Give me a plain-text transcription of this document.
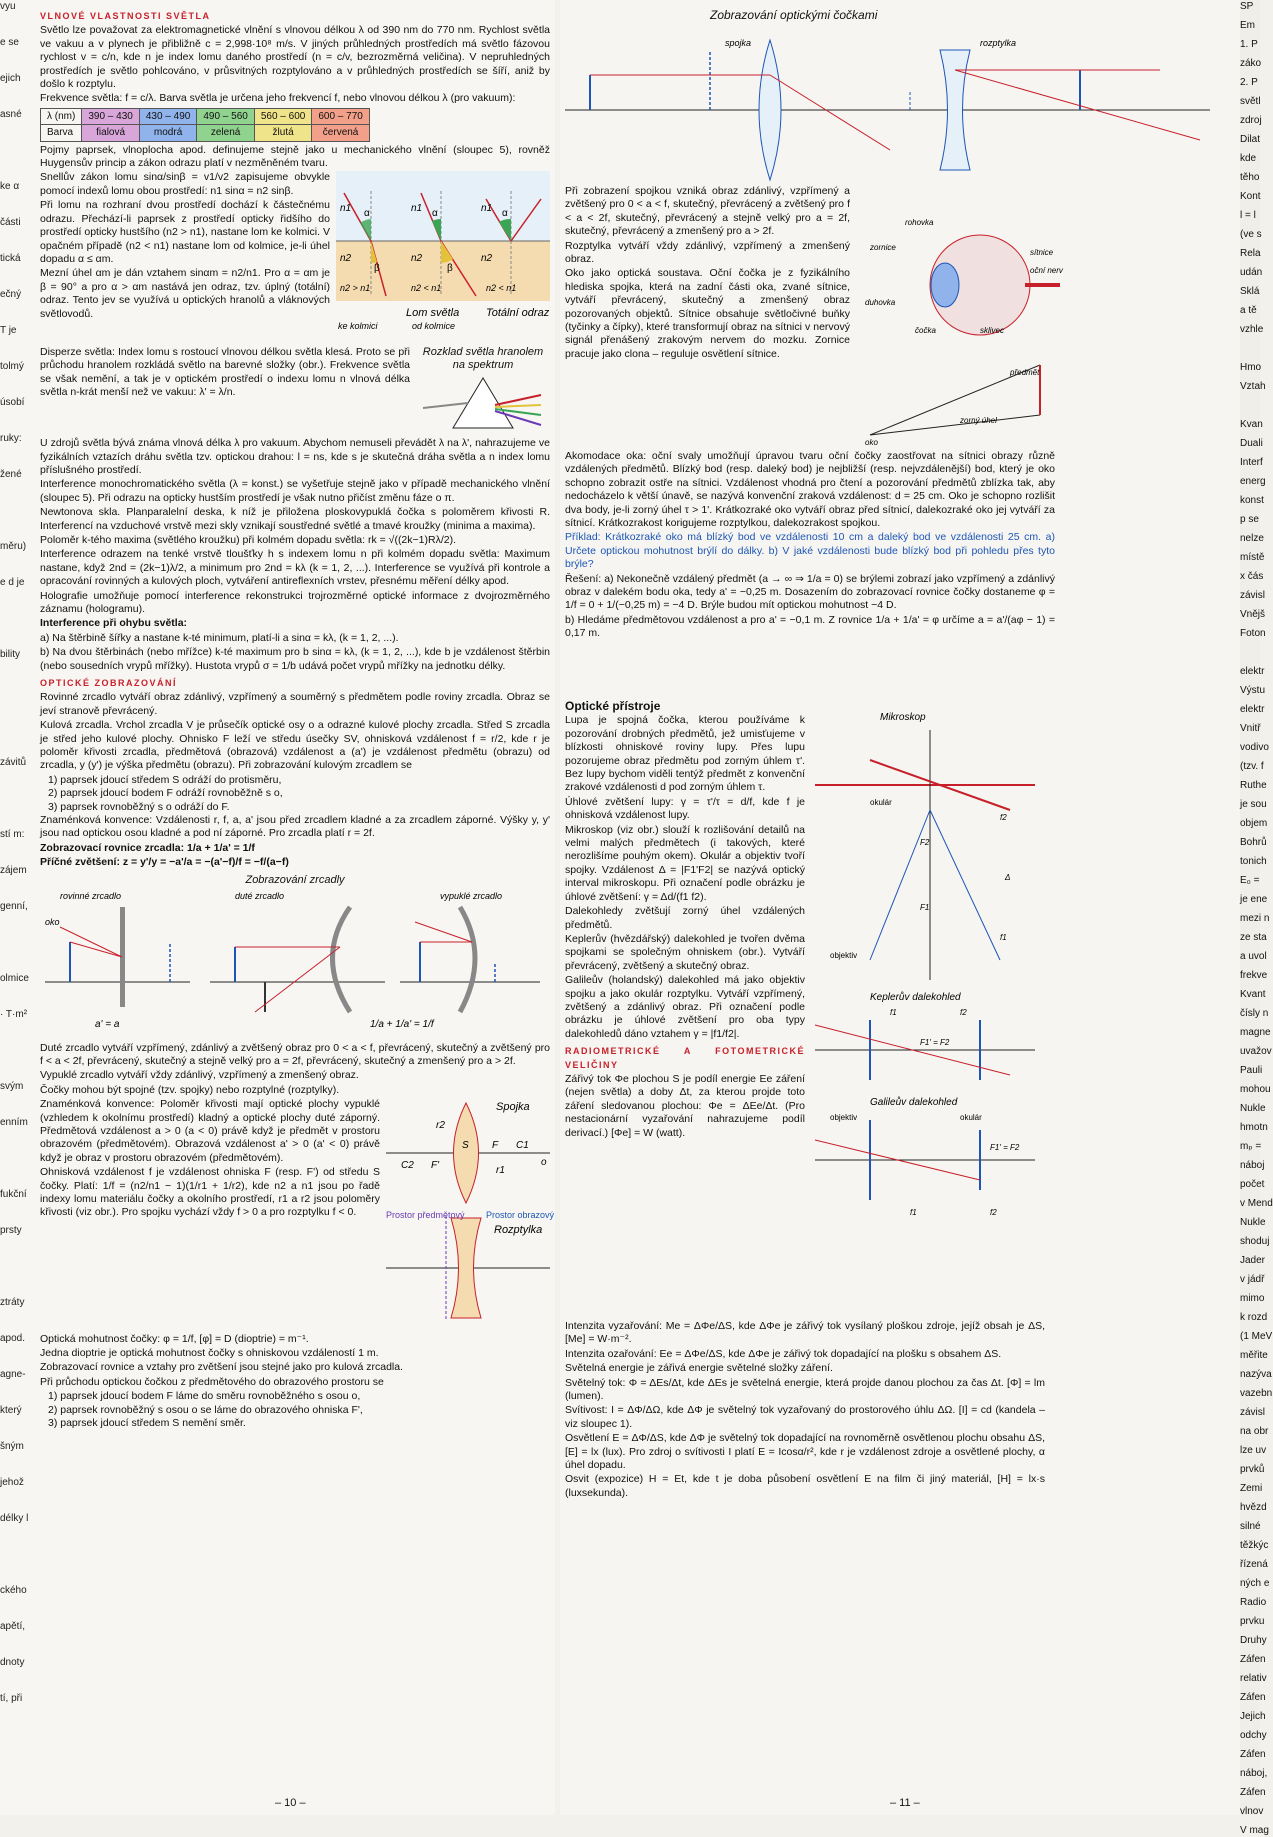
vyu
e se
ejich
asné
ke α
části
tická
ečný
T je
tolmý
úsobí
ruky:
žené
měru)
e d je
bility
závitů
stí m:
zájem
genní,
olmice
· T·m²
svým
enním
fukční
prsty
ztráty
apod.
agne-
který
šným
jehož
délky l
ckého
apětí,
dnoty
tí, při
VLNOVÉ VLASTNOSTI SVĚTLA
Světlo lze považovat za elektromagnetické vlnění s vlnovou délkou λ od 390 nm do 770 nm. Rychlost světla ve vakuu a v plynech je přibližně c = 2,998·10⁸ m/s. V jiných průhledných prostředích má světlo fázovou rychlost v = c/n, kde n je index lomu daného prostředí (n = c/v, bezrozměrná veličina). V nepruhledných prostředích je světlo pohlcováno, v průsvitných rozptylováno a v průhledných prostředích se šíří, aniž by došlo k rozptylu.
Frekvence světla: f = c/λ. Barva světla je určena jeho frekvencí f, nebo vlnovou délkou λ (pro vakuum):
λ (nm)	390 – 430	430 – 490	490 – 560	560 – 600	600 – 770
Barva	fialová	modrá	zelená	žlutá	červená
Pojmy paprsek, vlnoplocha apod. definujeme stejně jako u mechanického vlnění (sloupec 5), rovněž Huygensův princip a zákon odrazu platí v nezměněném tvaru.
Snellův zákon lomu sinα/sinβ = v1/v2 zapisujeme obvykle pomocí indexů lomu obou prostředí: n1 sinα = n2 sinβ.
Při lomu na rozhraní dvou prostředí dochází k částečnému odrazu. Přechází-li paprsek z prostředí opticky řidšího do prostředí opticky hustšího (n2 > n1), nastane lom ke kolmici. V opačném případě (n2 < n1) nastane lom od kolmice, je-li úhel dopadu α ≤ αm.
Mezní úhel αm je dán vztahem sinαm = n2/n1. Pro α = αm je β = 90° a pro α > αm nastává jen odraz, tzv. úplný (totální) odraz. Tento jev se využívá u optických hranolů a vláknových světlovodů.
n1	n1	n1
n2	n2	n2
α
β
α
β
α
n2 > n1	n2 < n1	n2 < n1
Lom světla
ke kolmici	od kolmice
Totální odraz
Disperze světla: Index lomu s rostoucí vlnovou délkou světla klesá. Proto se při průchodu hranolem rozkládá světlo na barevné složky (obr.). Frekvence světla se však nemění, a tak je v optickém prostředí o indexu lomu n vlnová délka světla n-krát menší než ve vakuu: λ' = λ/n.
Rozklad světla hranolem na spektrum
U zdrojů světla bývá známa vlnová délka λ pro vakuum. Abychom nemuseli převádět λ na λ', nahrazujeme ve fyzikálních vztazích dráhu světla tzv. optickou drahou: l = ns, kde s je skutečná dráha světla a n index lomu příslušného prostředí.
Interference monochromatického světla (λ = konst.) se vyšetřuje stejně jako v případě mechanického vlnění (sloupec 5). Při odrazu na opticky hustším prostředí je však nutno přičíst změnu fáze o π.
Newtonova skla. Planparalelní deska, k níž je přiložena ploskovypuklá čočka s poloměrem křivosti R. Interferencí na vzduchové vrstvě mezi skly vznikají soustředné světlé a tmavé kroužky (minima a maxima).
Poloměr k-tého maxima (světlého kroužku) při kolmém dopadu světla: rk = √((2k−1)Rλ/2).
Interference odrazem na tenké vrstvě tloušťky h s indexem lomu n při kolmém dopadu světla: Maximum nastane, když 2nd = (2k−1)λ/2, a minimum pro 2nd = kλ (k = 1, 2, ...). Interference se využívá při kontrole a opracování rovinných a kulových ploch, vytváření antireflexních vrstev, přesnému měření délky apod.
Holografie umožňuje pomocí interference rekonstrukci trojrozměrné optické informace z dvojrozměrného záznamu (hologramu).
Interference při ohybu světla:
a) Na štěrbině šířky a nastane k-té minimum, platí-li a sinα = kλ, (k = 1, 2, ...).
b) Na dvou štěrbinách (nebo mřížce) k-té maximum pro b sinα = kλ, (k = 1, 2, ...), kde b je vzdálenost štěrbin (nebo sousedních vrypů mřížky). Hustota vrypů σ = 1/b udává počet vrypů mřížky na jednotku délky.
OPTICKÉ ZOBRAZOVÁNÍ
Rovinné zrcadlo vytváří obraz zdánlivý, vzpřímený a souměrný s předmětem podle roviny zrcadla. Obraz se jeví stranově převrácený.
Kulová zrcadla. Vrchol zrcadla V je průsečík optické osy o a odrazné kulové plochy zrcadla. Střed S zrcadla je střed jeho kulové plochy. Ohnisko F leží ve středu úsečky SV, ohnisková vzdálenost f = r/2, kde r je poloměr křivosti zrcadla, předmětová (obrazová) vzdálenost a (a') je vzdálenost předmětu (obrazu) od zrcadla, y (y') je výška předmětu (obrazu). Při zobrazování kulovým zrcadlem se
1) paprsek jdoucí středem S odráží do protisměru,
2) paprsek jdoucí bodem F odráží rovnoběžně s o,
3) paprsek rovnoběžný s o odráží do F.
Znaménková konvence: Vzdálenosti r, f, a, a' jsou před zrcadlem kladné a za zrcadlem záporné. Výšky y, y' jsou nad optickou osou kladné a pod ní záporné. Pro zrcadla platí r = 2f.
Zobrazovací rovnice zrcadla: 1/a + 1/a' = 1/f
Příčné zvětšení: z = y'/y = −a'/a = −(a'−f)/f = −f/(a−f)
Zobrazování zrcadly
rovinné zrcadlo	duté zrcadlo	vypuklé zrcadlo
oko
a' = a	1/a + 1/a' = 1/f
Duté zrcadlo vytváří vzpřímený, zdánlivý a zvětšený obraz pro 0 < a < f, převrácený, skutečný a zvětšený pro f < a < 2f, převrácený, skutečný a stejně velký pro a = 2f, převrácený, skutečný a zmenšený pro a > 2f.
Vypuklé zrcadlo vytváří vždy zdánlivý, vzpřímený a zmenšený obraz.
Čočky mohou být spojné (tzv. spojky) nebo rozptylné (rozptylky).
Znaménková konvence: Poloměr křivosti mají optické plochy vypuklé (vzhledem k okolnímu prostředí) kladný a optické plochy duté záporný. Předmětová vzdálenost a > 0 (a < 0) právě když je předmět v prostoru obrazovém (předmětovém). Obrazová vzdálenost a' > 0 (a' < 0) právě když je obraz v prostoru obrazovém (předmětovém).
Ohnisková vzdálenost f je vzdálenost ohniska F (resp. F') od středu S čočky. Platí: 1/f = (n2/n1 − 1)(1/r1 + 1/r2), kde n2 a n1 jsou po řadě indexy lomu materiálu čočky a okolního prostředí, r1 a r2 jsou poloměry křivosti (viz obr.). Pro spojku vychází vždy f > 0 a pro rozptylku f < 0.
Spojka
Rozptylka
Prostor předmětový Prostor obrazový
r2
S F C1
C2 F'	r1
o
Optická mohutnost čočky: φ = 1/f, [φ] = D (dioptrie) = m⁻¹.
Jedna dioptrie je optická mohutnost čočky s ohniskovou vzdáleností 1 m.
Zobrazovací rovnice a vztahy pro zvětšení jsou stejné jako pro kulová zrcadla.
Při průchodu optickou čočkou z předmětového do obrazového prostoru se
1) paprsek jdoucí bodem F láme do směru rovnoběžného s osou o,
2) paprsek rovnoběžný s osou o se láme do obrazového ohniska F',
3) paprsek jdoucí středem S nemění směr.
– 10 –
Zobrazování optickými čočkami
spojka	rozptylka
Při zobrazení spojkou vzniká obraz zdánlivý, vzpřímený a zvětšený pro 0 < a < f, skutečný, převrácený a zvětšený pro f < a < 2f, skutečný, převrácený a stejně velký pro a = 2f, skutečný, převrácený a zmenšený pro a > 2f.
Rozptylka vytváří vždy zdánlivý, vzpřímený a zmenšený obraz.
Oko jako optická soustava. Oční čočka je z fyzikálního hlediska spojka, která na zadní části oka, zvané sítnice, vytváří převrácený, skutečný a zmenšený obraz pozorovaných objektů. Sítnice obsahuje světločivné buňky (tyčinky a čípky), které transformují obraz na sítnici v nervový signál přenášený zrakovým nervem do mozku. Zornice pracuje jako clona – reguluje osvětlení sítnice.
rohovka
zornice
sítnice
oční nerv
duhovka
čočka	sklivec
předmět
zorný úhel
oko
Akomodace oka: oční svaly umožňují úpravou tvaru oční čočky zaostřovat na sítnici obrazy různě vzdálených předmětů. Blízký bod (resp. daleký bod) je nejbližší (resp. nejvzdálenější) bod, který je oko schopno zobrazit ostře na sítnici. Vzdálenost vhodná pro čtení a pozorování předmětů zblízka tak, aby nedocházelo k větší únavě, se nazývá konvenční zraková vzdálenost: d = 25 cm. Oko je schopno rozlišit dva body, je-li zorný úhel τ > 1'. Krátkozraké oko vytváří obraz před sítnicí, dalekozraké oko jej vytváří za sítnicí. Krátkozrakost korigujeme rozptylkou, dalekozrakost spojkou.
Příklad: Krátkozraké oko má blízký bod ve vzdálenosti 10 cm a daleký bod ve vzdálenosti 25 cm. a) Určete optickou mohutnost brýlí do dálky. b) V jaké vzdálenosti bude blízký bod při pohledu přes tyto brýle?
Řešení: a) Nekonečně vzdálený předmět (a → ∞ ⇒ 1/a = 0) se brýlemi zobrazí jako vzpřímený a zdánlivý obraz v dalekém bodu oka, tedy a' = −0,25 m. Dosazením do zobrazovací rovnice čočky dostaneme φ = 1/f = 0 + 1/(−0,25 m) = −4 D. Brýle budou mít optickou mohutnost −4 D.
b) Hledáme předmětovou vzdálenost a pro a' = −0,1 m. Z rovnice 1/a + 1/a' = φ určíme a = a'/(aφ − 1) = 0,17 m.
Optické přístroje
Lupa je spojná čočka, kterou používáme k pozorování drobných předmětů, jež umisťujeme v blízkosti ohniskové roviny lupy. Přes lupu pozorujeme obraz předmětu pod zorným úhlem τ'. Bez lupy bychom viděli tentýž předmět z konvenční zrakové vzdálenosti d pod zorným úhlem τ.
Úhlové zvětšení lupy: γ = τ'/τ = d/f, kde f je ohnisková vzdálenost lupy.
Mikroskop (viz obr.) slouží k rozlišování detailů na velmi malých předmětech (i takových, které nerozlišíme pouhým okem). Okulár a objektiv tvoří spojky. Vzdálenost Δ = |F1'F2| se nazývá optický interval mikroskopu. Při označení podle obrázku je úhlové zvětšení: γ = Δd/(f1 f2).
Dalekohledy zvětšují zorný úhel vzdálených předmětů.
Keplerův (hvězdářský) dalekohled je tvořen dvěma spojkami se společným ohniskem (obr.). Vytváří převrácený, zvětšený a skutečný obraz.
Galileův (holandský) dalekohled má jako objektiv spojku a jako okulár rozptylku. Vytváří vzpřímený, zvětšený a zdánlivý obraz. Při označení podle obrázku je úhlové zvětšení pro oba typy dalekohledů dáno vztahem γ = |f1/f2|.
RADIOMETRICKÉ A FOTOMETRICKÉ VELIČINY
Zářivý tok Φe plochou S je podíl energie Ee záření (nejen světla) a doby Δt, za kterou projde toto záření sledovanou plochou: Φe = ΔEe/Δt. (Pro nestacionární vyzařování nahrazujeme podíl derivací.) [Φe] = W (watt).
Mikroskop
okulár
objektiv
F2
F1
f2
f1
Δ
Keplerův dalekohled
f1	f2
F1' = F2
Galileův dalekohled
objektiv	okulár
F1' = F2
f1	f2
Intenzita vyzařování: Me = ΔΦe/ΔS, kde ΔΦe je zářivý tok vysílaný ploškou zdroje, jejíž obsah je ΔS, [Me] = W·m⁻².
Intenzita ozařování: Ee = ΔΦe/ΔS, kde ΔΦe je zářivý tok dopadající na plošku s obsahem ΔS.
Světelná energie je zářivá energie světelné složky záření.
Světelný tok: Φ = ΔEs/Δt, kde ΔEs je světelná energie, která projde danou plochou za čas Δt. [Φ] = lm (lumen).
Svítivost: I = ΔΦ/ΔΩ, kde ΔΦ je světelný tok vyzařovaný do prostorového úhlu ΔΩ. [I] = cd (kandela – viz sloupec 1).
Osvětlení E = ΔΦ/ΔS, kde ΔΦ je světelný tok dopadající na rovnoměrně osvětlenou plochu obsahu ΔS, [E] = lx (lux). Pro zdroj o svítivosti I platí E = Icosα/r², kde r je vzdálenost zdroje a osvětlené plochy, α úhel dopadu.
Osvit (expozice) H = Et, kde t je doba působení osvětlení E na film či jiný materiál, [H] = lx·s (luxsekunda).
– 11 –
SP
Em
1. P
záko
2. P
světl
zdroj
Dilat
kde
těho
Kont
l = l
(ve s
Rela
udán
Sklá
a tě
vzhle
Hmo
Vztah
Kvan
Duali
Interf
energ
konst
p se
nelze
místě
x čás
závisl
Vnějš
Foton
elektr
Výstu
elektr
Vnitř
vodivo
(tzv. f
Ruthe
je sou
objem
Bohrů
tonich
E₀ =
je ene
mezi n
ze sta
a uvol
frekve
Kvant
čísly n
magne
uvažov
Pauli
mohou
Nukle
hmotn
mₚ =
náboj
počet
v Mend
Nukle
shoduj
Jader
v jádř
mimo
k rozd
(1 MeV
měřite
nazýva
vazebn
závisl
na obr
lze uv
prvků
Zemi
hvězd
silné
těžkýc
řízená
ných e
Radio
prvku
Druhy
Záfen
relativ
Záfen
Jejich
odchy
Záfen
náboj,
Záfen
vlnov
V mag
